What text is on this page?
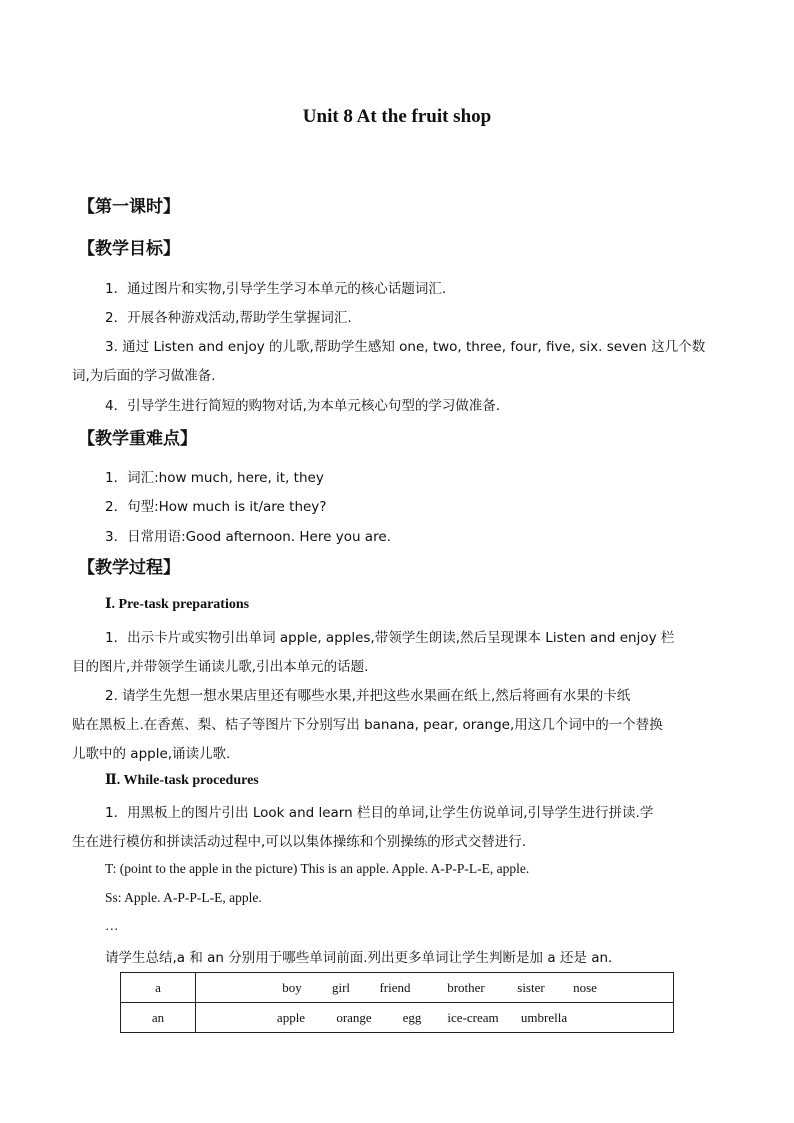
Unit 8 At the fruit shop
【第一课时】
【教学目标】
1．通过图片和实物,引导学生学习本单元的核心话题词汇.
2．开展各种游戏活动,帮助学生掌握词汇.
3. 通过 Listen and enjoy 的儿歌,帮助学生感知 one, two, three, four, five, six. seven 这几个数
词,为后面的学习做准备.
4．引导学生进行简短的购物对话,为本单元核心句型的学习做准备.
【教学重难点】
1．词汇:how much, here, it, they
2．句型:How much is it/are they?
3．日常用语:Good afternoon. Here you are.
【教学过程】
Ⅰ. Pre-task preparations
1．出示卡片或实物引出单词 apple, apples,带领学生朗读,然后呈现课本 Listen and enjoy 栏
目的图片,并带领学生诵读儿歌,引出本单元的话题.
2. 请学生先想一想水果店里还有哪些水果,并把这些水果画在纸上,然后将画有水果的卡纸
贴在黑板上.在香蕉、梨、桔子等图片下分别写出 banana, pear, orange,用这几个词中的一个替换
儿歌中的 apple,诵读儿歌.
Ⅱ. While-task procedures
1．用黑板上的图片引出 Look and learn 栏目的单词,让学生仿说单词,引导学生进行拼读.学
生在进行模仿和拼读活动过程中,可以以集体操练和个别操练的形式交替进行.
T: (point to the apple in the picture) This is an apple. Apple. A-P-P-L-E, apple.
Ss: Apple. A-P-P-L-E, apple.
…
请学生总结,a 和 an 分别用于哪些单词前面.列出更多单词让学生判断是加 a 还是 an.
a	boy girl friend brother sister nose
an	apple orange egg ice-cream umbrella
